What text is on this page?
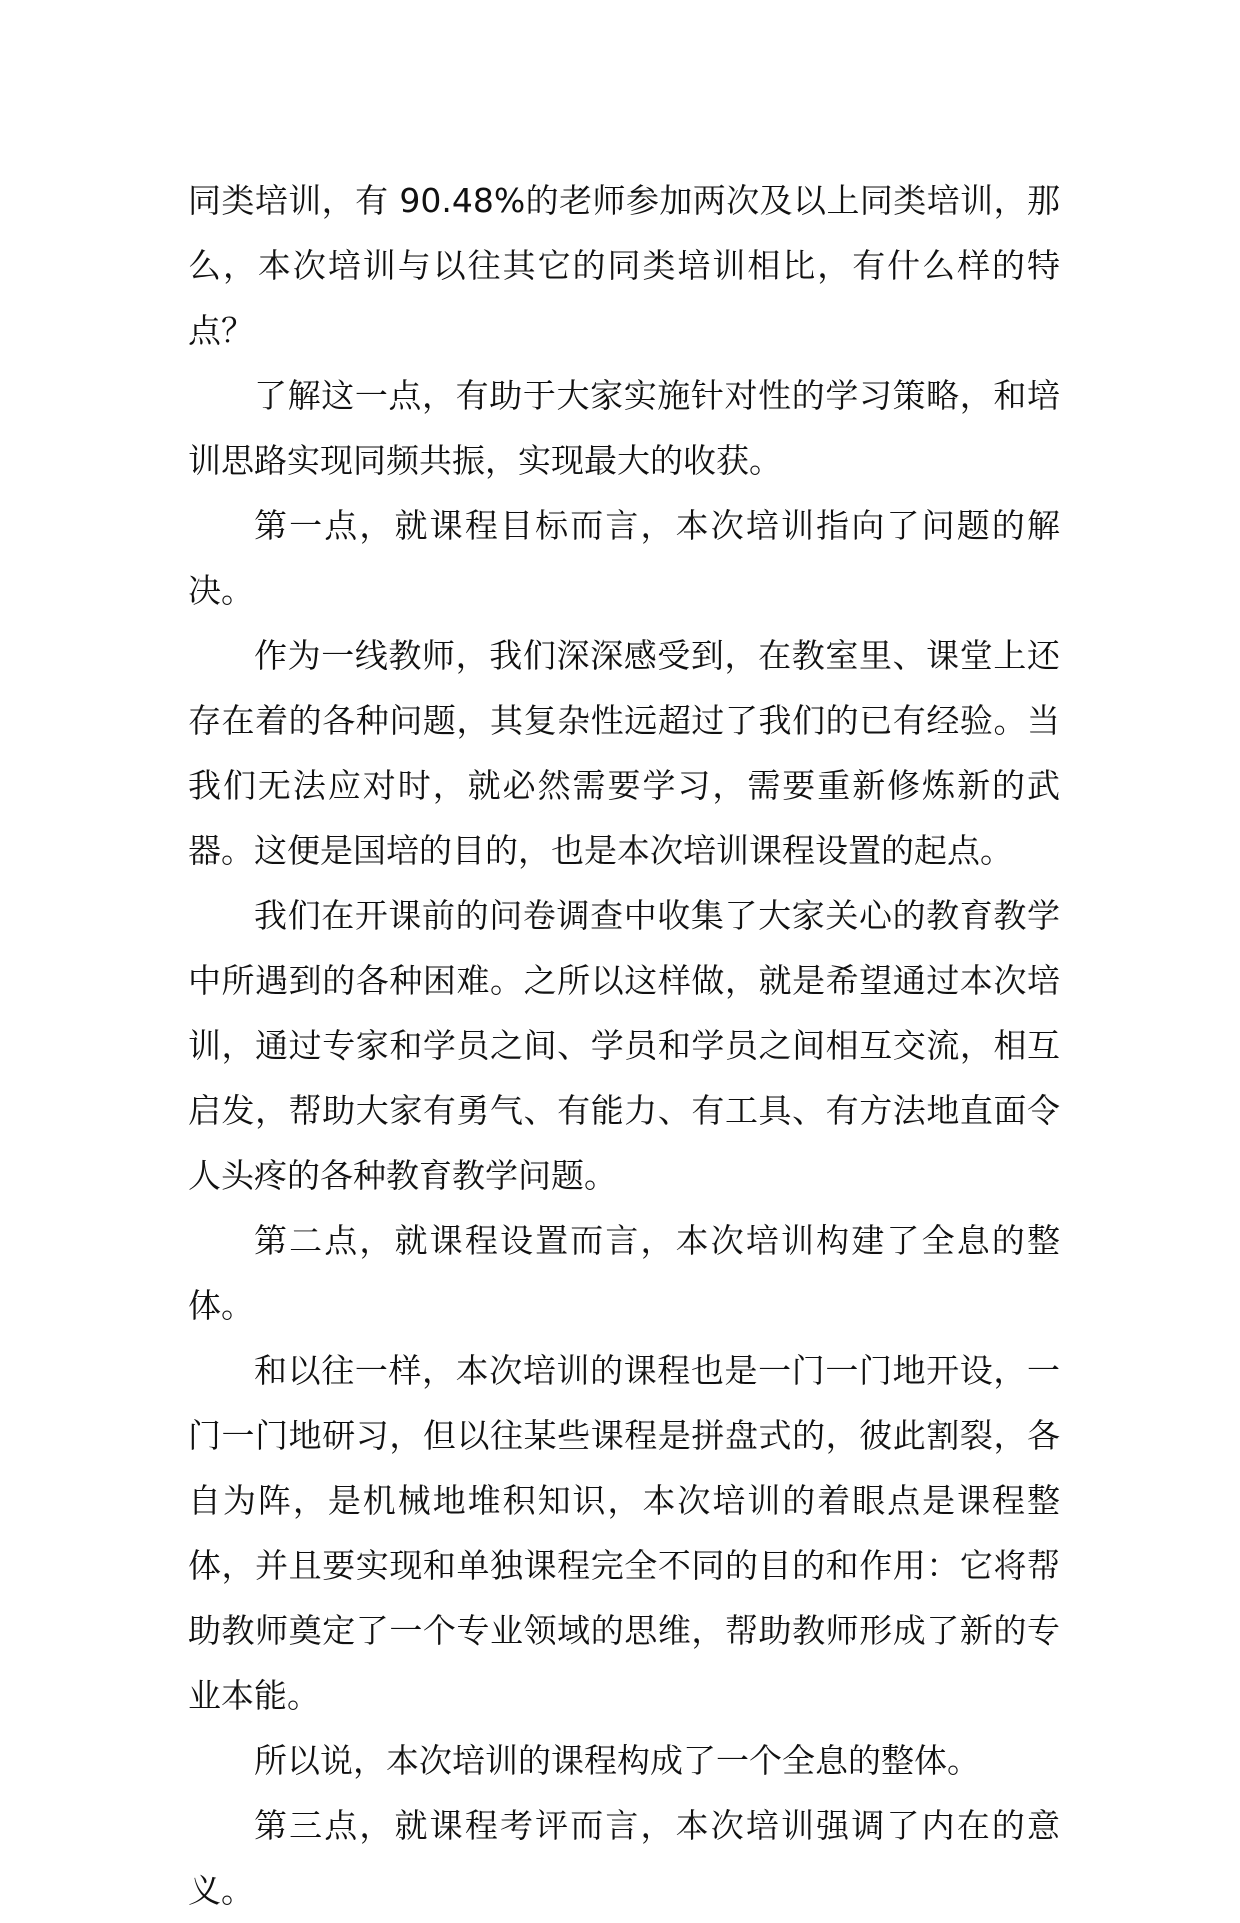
同类培训，有 90.48%的老师参加两次及以上同类培训，那么，本次培训与以往其它的同类培训相比，有什么样的特点？

了解这一点，有助于大家实施针对性的学习策略，和培训思路实现同频共振，实现最大的收获。

第一点，就课程目标而言，本次培训指向了问题的解决。

作为一线教师，我们深深感受到，在教室里、课堂上还存在着的各种问题，其复杂性远超过了我们的已有经验。当我们无法应对时，就必然需要学习，需要重新修炼新的武器。这便是国培的目的，也是本次培训课程设置的起点。

我们在开课前的问卷调查中收集了大家关心的教育教学中所遇到的各种困难。之所以这样做，就是希望通过本次培训，通过专家和学员之间、学员和学员之间相互交流，相互启发，帮助大家有勇气、有能力、有工具、有方法地直面令人头疼的各种教育教学问题。

第二点，就课程设置而言，本次培训构建了全息的整体。

和以往一样，本次培训的课程也是一门一门地开设，一门一门地研习，但以往某些课程是拼盘式的，彼此割裂，各自为阵，是机械地堆积知识，本次培训的着眼点是课程整体，并且要实现和单独课程完全不同的目的和作用：它将帮助教师奠定了一个专业领域的思维，帮助教师形成了新的专业本能。

所以说，本次培训的课程构成了一个全息的整体。

第三点，就课程考评而言，本次培训强调了内在的意义。
